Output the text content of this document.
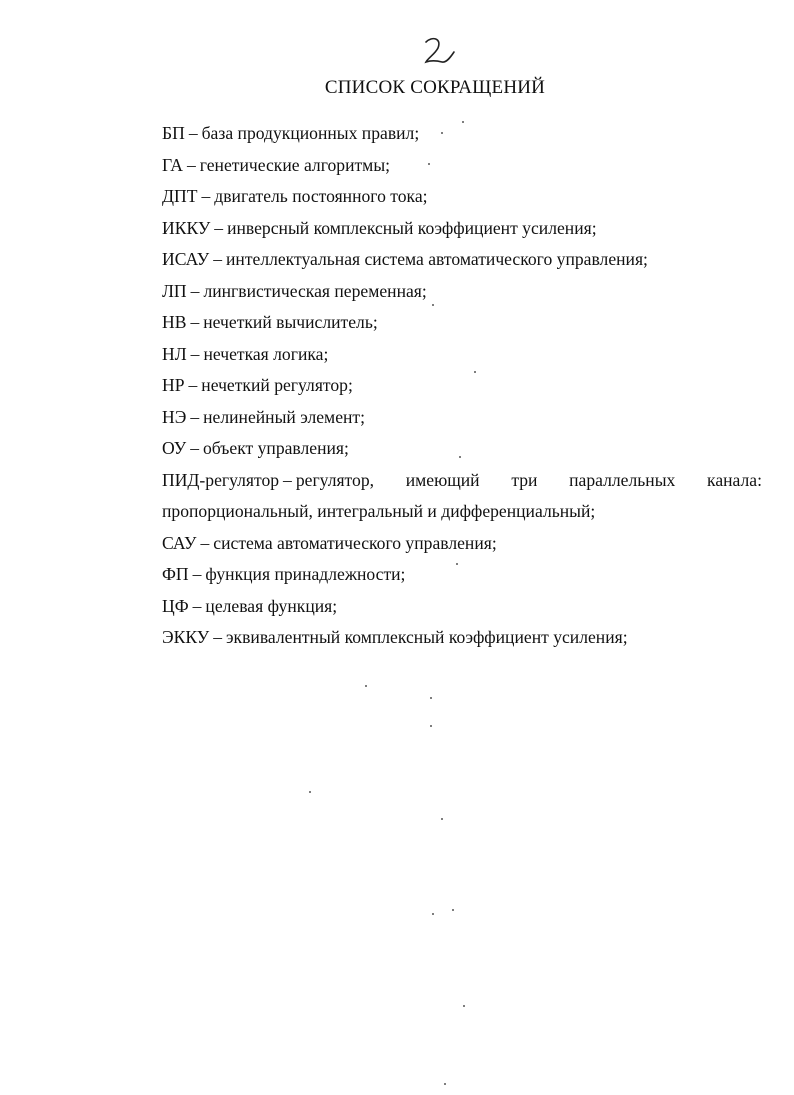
СПИСОК СОКРАЩЕНИЙ
БП – база продукционных правил;
ГА – генетические алгоритмы;
ДПТ – двигатель постоянного тока;
ИККУ – инверсный комплексный коэффициент усиления;
ИСАУ – интеллектуальная система автоматического управления;
ЛП – лингвистическая переменная;
НВ – нечеткий вычислитель;
НЛ – нечеткая логика;
НР – нечеткий регулятор;
НЭ – нелинейный элемент;
ОУ – объект управления;
ПИД-регулятор – регулятор, имеющий три параллельных канала:
пропорциональный, интегральный и дифференциальный;
САУ – система автоматического управления;
ФП – функция принадлежности;
ЦФ – целевая функция;
ЭККУ – эквивалентный комплексный коэффициент усиления;
